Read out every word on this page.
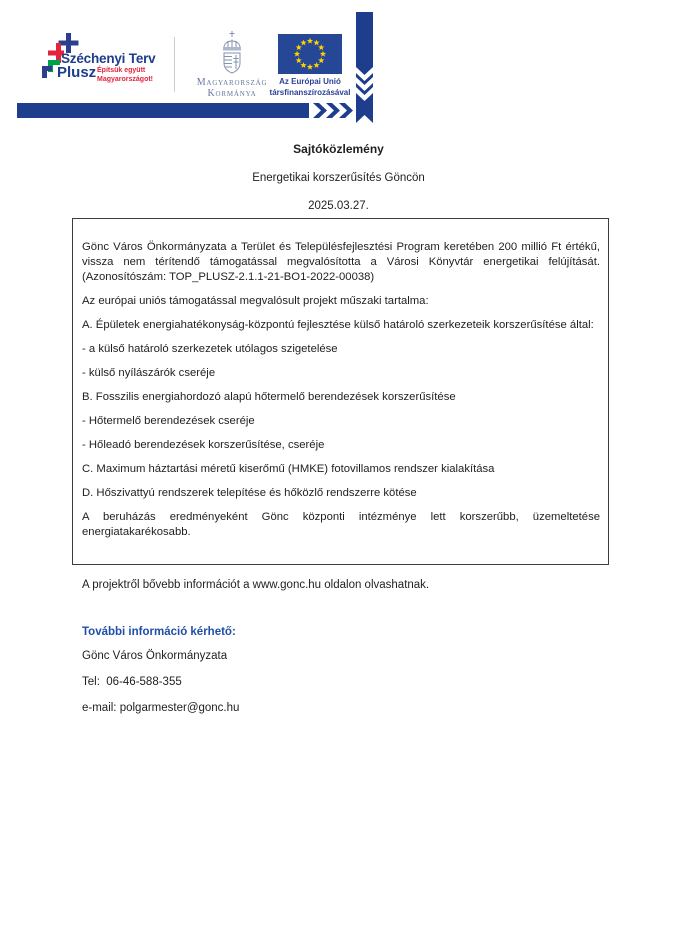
Széchenyi Terv
Plusz Építsük együtt
Magyarországot!	Magyarország
Kormánya
Az Európai Unió
társfinanszírozásával
Sajtóközlemény
Energetikai korszerűsítés Göncön
2025.03.27.

Gönc Város Önkormányzata a Terület és Településfejlesztési Program keretében 200 millió Ft értékű, vissza nem térítendő támogatással megvalósította a Városi Könyvtár energetikai felújítását. (Azonosítószám: TOP_PLUSZ-2.1.1-21-BO1-2022-00038)

Az európai uniós támogatással megvalósult projekt műszaki tartalma:

A. Épületek energiahatékonyság-központú fejlesztése külső határoló szerkezeteik korszerűsítése által:

- a külső határoló szerkezetek utólagos szigetelése

- külső nyílászárók cseréje

B. Fosszilis energiahordozó alapú hőtermelő berendezések korszerűsítése

- Hőtermelő berendezések cseréje

- Hőleadó berendezések korszerűsítése, cseréje

C. Maximum háztartási méretű kiserőmű (HMKE) fotovillamos rendszer kialakítása

D. Hőszivattyú rendszerek telepítése és hőközlő rendszerre kötése

A beruházás eredményeként Gönc központi intézménye lett korszerűbb, üzemeltetése energiatakarékosabb.

A projektről bővebb információt a www.gonc.hu oldalon olvashatnak.
További információ kérhető:
Gönc Város Önkormányzata
Tel:  06-46-588-355
e-mail: polgarmester@gonc.hu
